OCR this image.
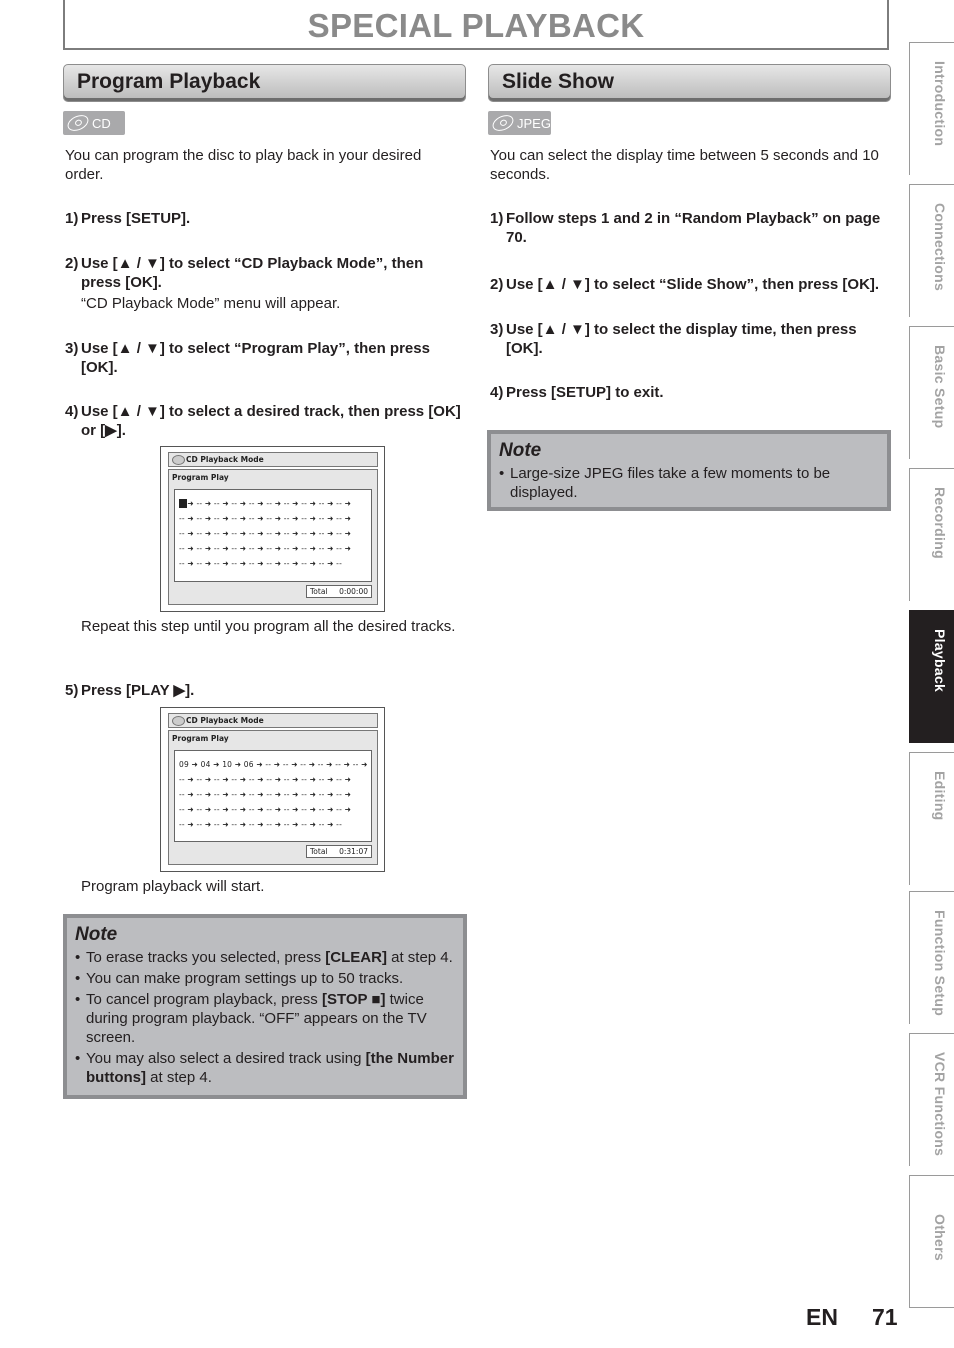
SPECIAL PLAYBACK
Program Playback
CD
You can program the disc to play back in your desired order.
1) Press [SETUP].
2) Use [▲ / ▼] to select “CD Playback Mode”, then press [OK].
“CD Playback Mode” menu will appear.
3) Use [▲ / ▼] to select “Program Play”, then press [OK].
4) Use [▲ / ▼] to select a desired track, then press [OK] or [▶].
CD Playback Mode
Program Play
-- ➜ -- ➜ -- ➜ -- ➜ -- ➜ -- ➜ -- ➜ -- ➜ -- ➜ -- ➜
-- ➜ -- ➜ -- ➜ -- ➜ -- ➜ -- ➜ -- ➜ -- ➜ -- ➜ -- ➜
-- ➜ -- ➜ -- ➜ -- ➜ -- ➜ -- ➜ -- ➜ -- ➜ -- ➜ -- ➜
-- ➜ -- ➜ -- ➜ -- ➜ -- ➜ -- ➜ -- ➜ -- ➜ -- ➜ -- ➜
-- ➜ -- ➜ -- ➜ -- ➜ -- ➜ -- ➜ -- ➜ -- ➜ -- ➜ --
Total 0:00:00
Repeat this step until you program all the desired tracks.
5) Press [PLAY ▶].
CD Playback Mode
Program Play
09 ➜ 04 ➜ 10 ➜ 06 ➜ -- ➜ -- ➜ -- ➜ -- ➜ -- ➜ -- ➜
-- ➜ -- ➜ -- ➜ -- ➜ -- ➜ -- ➜ -- ➜ -- ➜ -- ➜ -- ➜
-- ➜ -- ➜ -- ➜ -- ➜ -- ➜ -- ➜ -- ➜ -- ➜ -- ➜ -- ➜
-- ➜ -- ➜ -- ➜ -- ➜ -- ➜ -- ➜ -- ➜ -- ➜ -- ➜ -- ➜
-- ➜ -- ➜ -- ➜ -- ➜ -- ➜ -- ➜ -- ➜ -- ➜ -- ➜ --
Total 0:31:07
Program playback will start.
Note
• To erase tracks you selected, press [CLEAR] at step 4.
• You can make program settings up to 50 tracks.
• To cancel program playback, press [STOP ■] twice during program playback. “OFF” appears on the TV screen.
• You may also select a desired track using [the Number buttons] at step 4.
Slide Show
JPEG
You can select the display time between 5 seconds and 10 seconds.
1) Follow steps 1 and 2 in “Random Playback” on page 70.
2) Use [▲ / ▼] to select “Slide Show”, then press [OK].
3) Use [▲ / ▼] to select the display time, then press [OK].
4) Press [SETUP] to exit.
Note
• Large-size JPEG files take a few moments to be displayed.
Introduction
Connections
Basic Setup
Recording
Playback
Editing
Function Setup
VCR Functions
Others
EN 71
